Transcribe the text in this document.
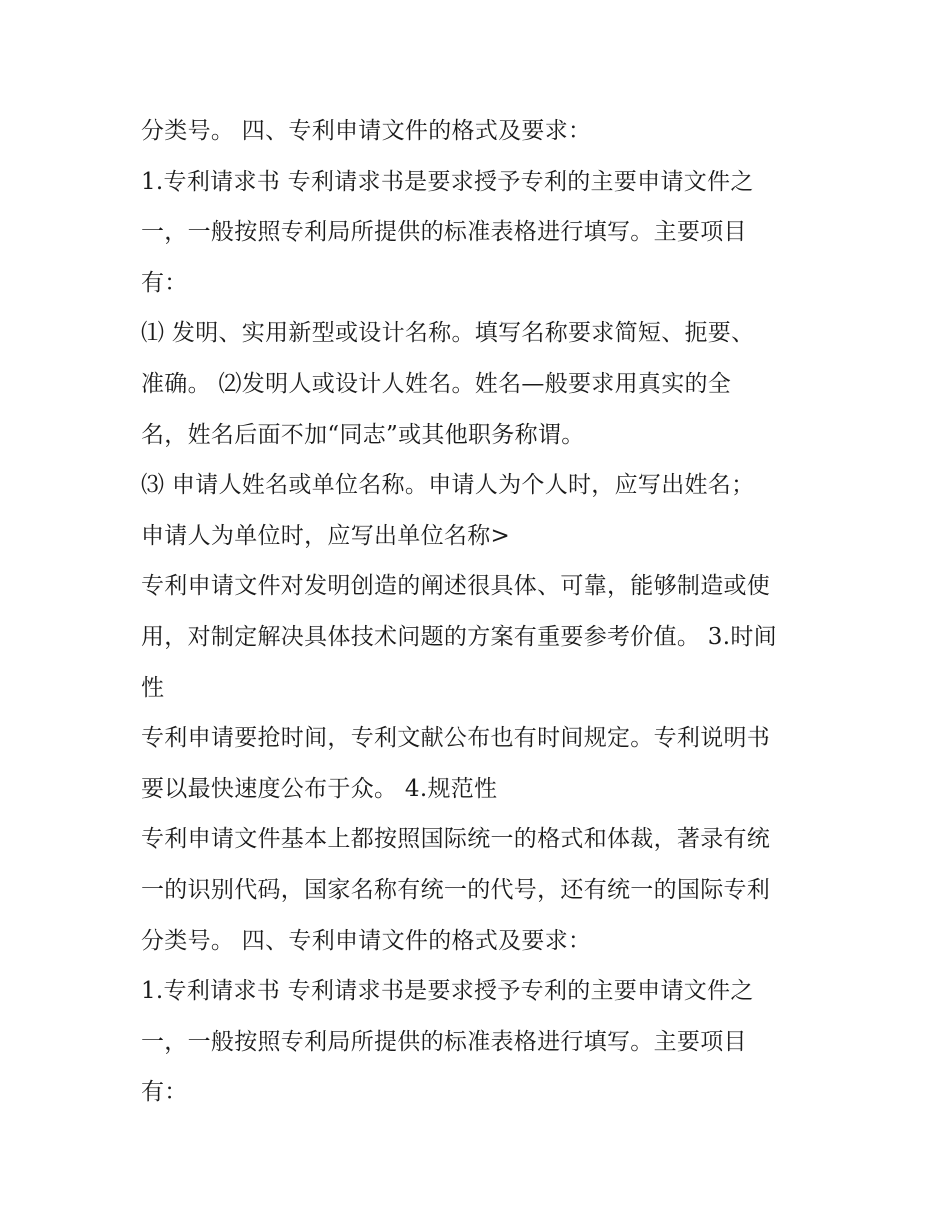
分类号。 四、专利申请文件的格式及要求：
1.专利请求书 专利请求书是要求授予专利的主要申请文件之
一，一般按照专利局所提供的标准表格进行填写。主要项目
有：
⑴ 发明、实用新型或设计名称。填写名称要求简短、扼要、
准确。 ⑵发明人或设计人姓名。姓名—般要求用真实的全
名，姓名后面不加“同志”或其他职务称谓。
⑶ 申请人姓名或单位名称。申请人为个人时，应写出姓名；
申请人为单位时，应写出单位名称>
专利申请文件对发明创造的阐述很具体、可靠，能够制造或使
用，对制定解决具体技术问题的方案有重要参考价值。 3.时间
性
专利申请要抢时间，专利文献公布也有时间规定。专利说明书
要以最快速度公布于众。 4.规范性
专利申请文件基本上都按照国际统一的格式和体裁，著录有统
一的识别代码，国家名称有统一的代号，还有统一的国际专利
分类号。 四、专利申请文件的格式及要求：
1.专利请求书 专利请求书是要求授予专利的主要申请文件之
一，一般按照专利局所提供的标准表格进行填写。主要项目
有：
